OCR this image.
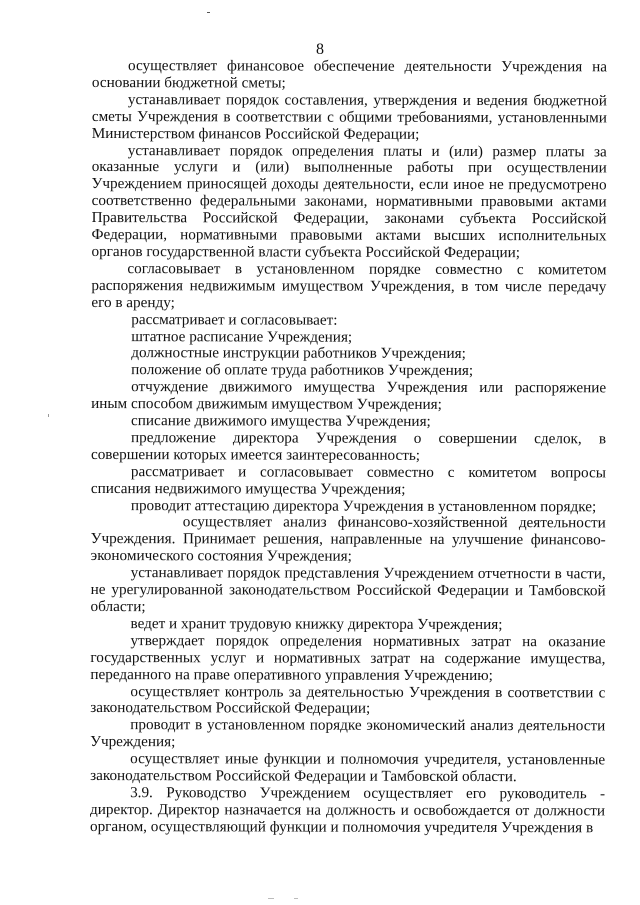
8

осуществляет финансовое обеспечение деятельности Учреждения на основании бюджетной сметы;

устанавливает порядок составления, утверждения и ведения бюджетной сметы Учреждения в соответствии с общими требованиями, установленными Министерством финансов Российской Федерации;

устанавливает порядок определения платы и (или) размер платы за оказанные услуги и (или) выполненные работы при осуществлении Учреждением приносящей доходы деятельности, если иное не предусмотрено соответственно федеральными законами, нормативными правовыми актами Правительства Российской Федерации, законами субъекта Российской Федерации, нормативными правовыми актами высших исполнительных органов государственной власти субъекта Российской Федерации;

согласовывает в установленном порядке совместно с комитетом распоряжения недвижимым имуществом Учреждения, в том числе передачу его в аренду;

рассматривает и согласовывает:

штатное расписание Учреждения;

должностные инструкции работников Учреждения;

положение об оплате труда работников Учреждения;

отчуждение движимого имущества Учреждения или распоряжение иным способом движимым имуществом Учреждения;

списание движимого имущества Учреждения;

предложение директора Учреждения о совершении сделок, в совершении которых имеется заинтересованность;

рассматривает и согласовывает совместно с комитетом вопросы списания недвижимого имущества Учреждения;

проводит аттестацию директора Учреждения в установленном порядке;

осуществляет анализ финансово-хозяйственной деятельности Учреждения. Принимает решения, направленные на улучшение финансово-экономического состояния Учреждения;

устанавливает порядок представления Учреждением отчетности в части, не урегулированной законодательством Российской Федерации и Тамбовской области;

ведет и хранит трудовую книжку директора Учреждения;

утверждает порядок определения нормативных затрат на оказание государственных услуг и нормативных затрат на содержание имущества, переданного на праве оперативного управления Учреждению;

осуществляет контроль за деятельностью Учреждения в соответствии с законодательством Российской Федерации;

проводит в установленном порядке экономический анализ деятельности Учреждения;

осуществляет иные функции и полномочия учредителя, установленные законодательством Российской Федерации и Тамбовской области.

3.9. Руководство Учреждением осуществляет его руководитель - директор. Директор назначается на должность и освобождается от должности органом, осуществляющий функции и полномочия учредителя Учреждения в
